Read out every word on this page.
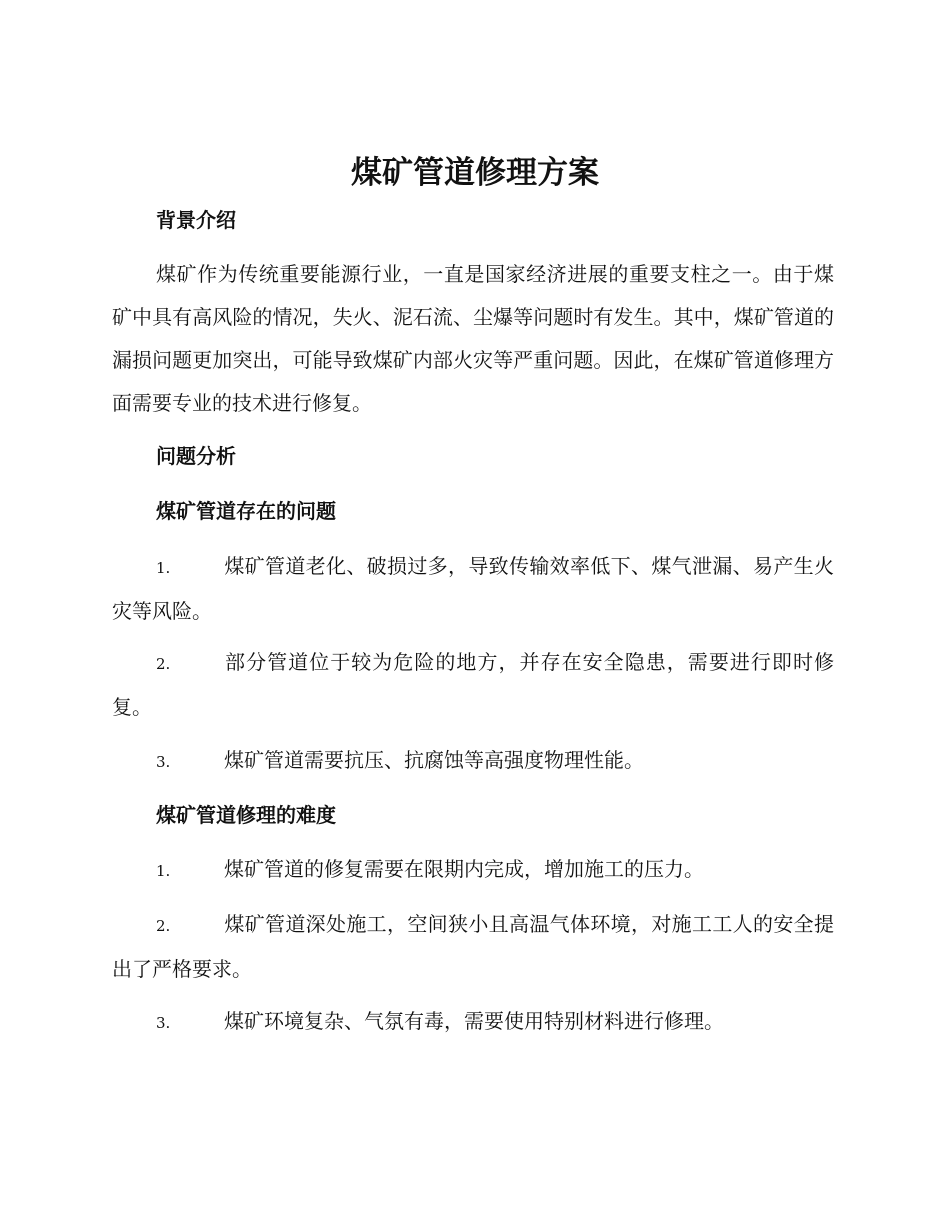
煤矿管道修理方案
背景介绍

煤矿作为传统重要能源行业，一直是国家经济进展的重要支柱之一。由于煤矿中具有高风险的情况，失火、泥石流、尘爆等问题时有发生。其中，煤矿管道的漏损问题更加突出，可能导致煤矿内部火灾等严重问题。因此，在煤矿管道修理方面需要专业的技术进行修复。

问题分析
煤矿管道存在的问题
1.	煤矿管道老化、破损过多，导致传输效率低下、煤气泄漏、易产生火灾等风险。
2.	部分管道位于较为危险的地方，并存在安全隐患，需要进行即时修复。
3.	煤矿管道需要抗压、抗腐蚀等高强度物理性能。
煤矿管道修理的难度
1.	煤矿管道的修复需要在限期内完成，增加施工的压力。
2.	煤矿管道深处施工，空间狭小且高温气体环境，对施工工人的安全提出了严格要求。
3.	煤矿环境复杂、气氛有毒，需要使用特别材料进行修理。
